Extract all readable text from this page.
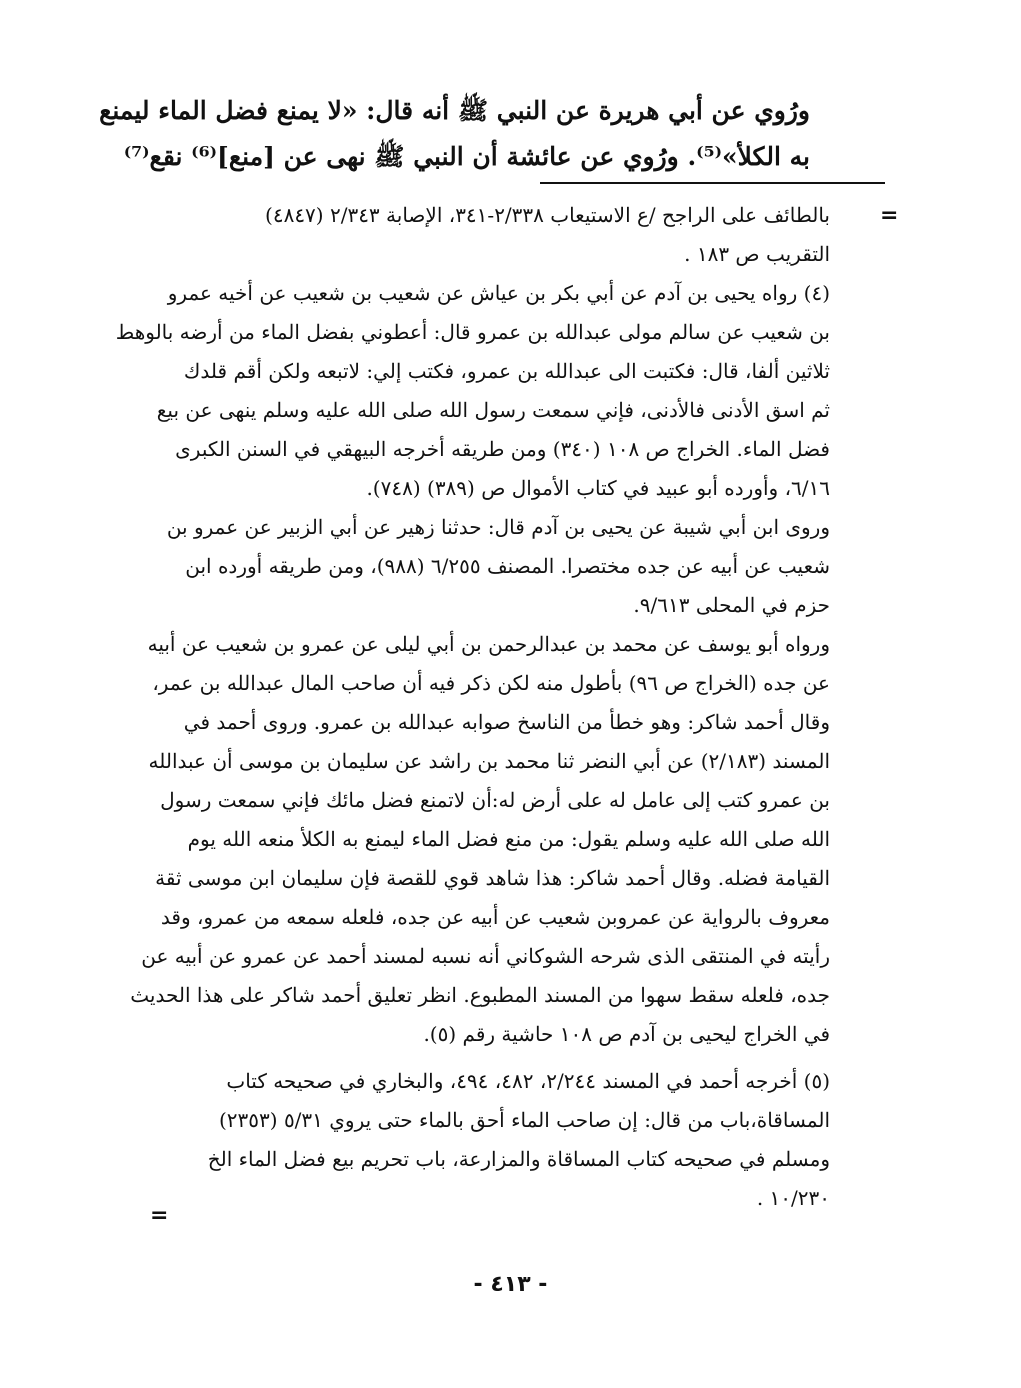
ورُوي عن أبي هريرة عن النبي ﷺ أنه قال: «لا يمنع فضل الماء ليمنع
به الكلأ»⁽⁵⁾. ورُوي عن عائشة أن النبي ﷺ نهى عن [منع]⁽⁶⁾ نقع⁽⁷⁾
=
بالطائف على الراجح /ع الاستيعاب ٢/٣٣٨-٣٤١، الإصابة ٢/٣٤٣ (٤٨٤٧)
التقريب ص ١٨٣ .
(٤) رواه يحيى بن آدم عن أبي بكر بن عياش عن شعيب بن شعيب عن أخيه عمرو
بن شعيب عن سالم مولى عبدالله بن عمرو قال: أعطوني بفضل الماء من أرضه بالوهط
ثلاثين ألفا، قال: فكتبت الى عبدالله بن عمرو، فكتب إلي: لاتبعه ولكن أقم قلدك
ثم اسق الأدنى فالأدنى، فإني سمعت رسول الله صلى الله عليه وسلم ينهى عن بيع
فضل الماء. الخراج ص ١٠٨ (٣٤٠) ومن طريقه أخرجه البيهقي في السنن الكبرى
٦/١٦، وأورده أبو عبيد في كتاب الأموال ص (٣٨٩) (٧٤٨).
وروى ابن أبي شيبة عن يحيى بن آدم قال: حدثنا زهير عن أبي الزبير عن عمرو بن
شعيب عن أبيه عن جده مختصرا. المصنف ٦/٢٥٥ (٩٨٨)، ومن طريقه أورده ابن
حزم في المحلى ٩/٦١٣.
ورواه أبو يوسف عن محمد بن عبدالرحمن بن أبي ليلى عن عمرو بن شعيب عن أبيه
عن جده (الخراج ص ٩٦) بأطول منه لكن ذكر فيه أن صاحب المال عبدالله بن عمر،
وقال أحمد شاكر: وهو خطأ من الناسخ صوابه عبدالله بن عمرو. وروى أحمد في
المسند (٢/١٨٣) عن أبي النضر ثنا محمد بن راشد عن سليمان بن موسى أن عبدالله
بن عمرو كتب إلى عامل له على أرض له:أن لاتمنع فضل مائك فإني سمعت رسول
الله صلى الله عليه وسلم يقول: من منع فضل الماء ليمنع به الكلأ منعه الله يوم
القيامة فضله. وقال أحمد شاكر: هذا شاهد قوي للقصة فإن سليمان ابن موسى ثقة
معروف بالرواية عن عمروبن شعيب عن أبيه عن جده، فلعله سمعه من عمرو، وقد
رأيته في المنتقى الذى شرحه الشوكاني أنه نسبه لمسند أحمد عن عمرو عن أبيه عن
جده، فلعله سقط سهوا من المسند المطبوع. انظر تعليق أحمد شاكر على هذا الحديث
في الخراج ليحيى بن آدم ص ١٠٨ حاشية رقم (٥).
(٥) أخرجه أحمد في المسند ٢/٢٤٤، ٤٨٢، ٤٩٤، والبخاري في صحيحه كتاب
المساقاة،باب من قال: إن صاحب الماء أحق بالماء حتى يروي ٥/٣١ (٢٣٥٣)
ومسلم في صحيحه كتاب المساقاة والمزارعة، باب تحريم بيع فضل الماء الخ
١٠/٢٣٠ .
=
- ٤١٣ -
